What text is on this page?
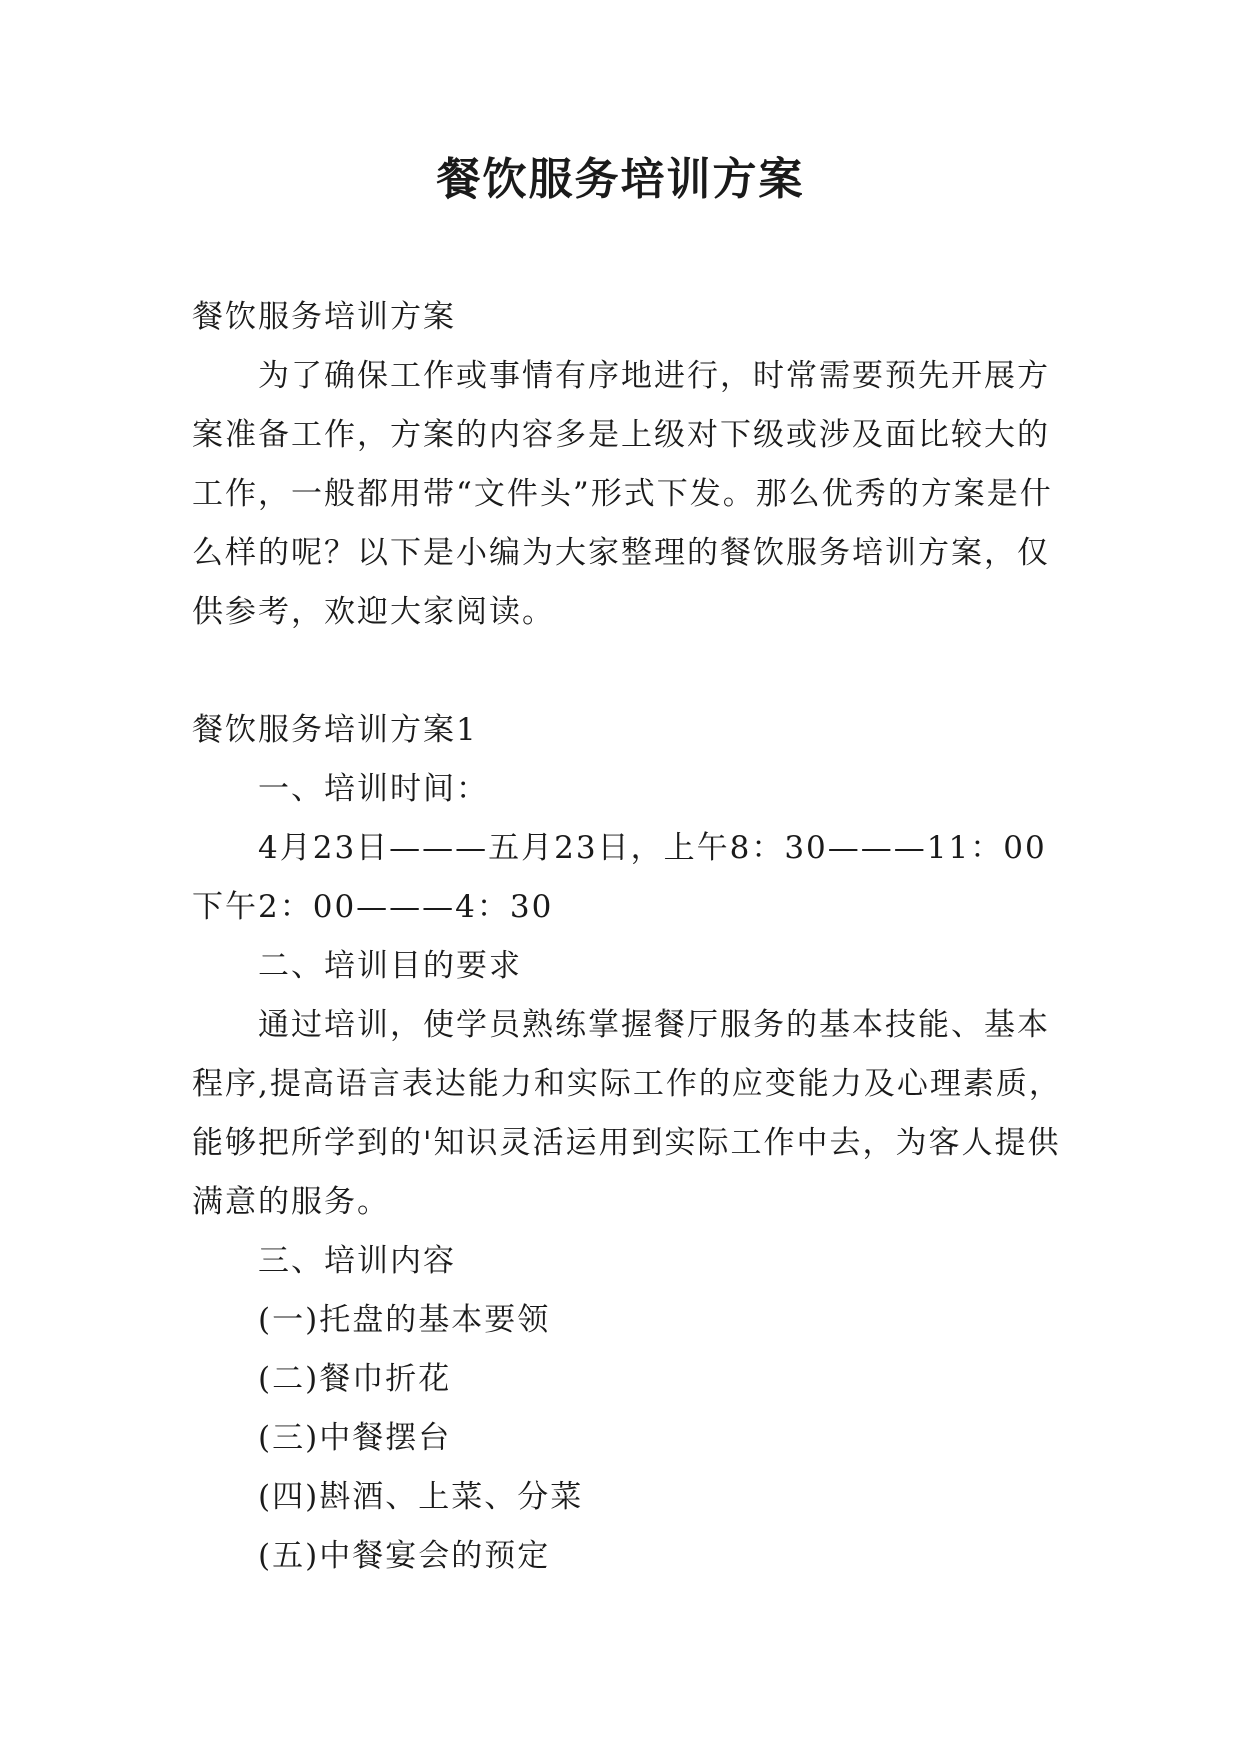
餐饮服务培训方案

餐饮服务培训方案

为了确保工作或事情有序地进行，时常需要预先开展方案准备工作，方案的内容多是上级对下级或涉及面比较大的工作，一般都用带“文件头”形式下发。那么优秀的方案是什么样的呢？以下是小编为大家整理的餐饮服务培训方案，仅供参考，欢迎大家阅读。

餐饮服务培训方案1

一、培训时间：

4月23日———五月23日，上午8：30———11：00

下午2：00———4：30

二、培训目的要求

通过培训，使学员熟练掌握餐厅服务的基本技能、基本程序,提高语言表达能力和实际工作的应变能力及心理素质，能够把所学到的'知识灵活运用到实际工作中去，为客人提供满意的服务。

三、培训内容

(一)托盘的基本要领

(二)餐巾折花

(三)中餐摆台

(四)斟酒、上菜、分菜

(五)中餐宴会的预定
